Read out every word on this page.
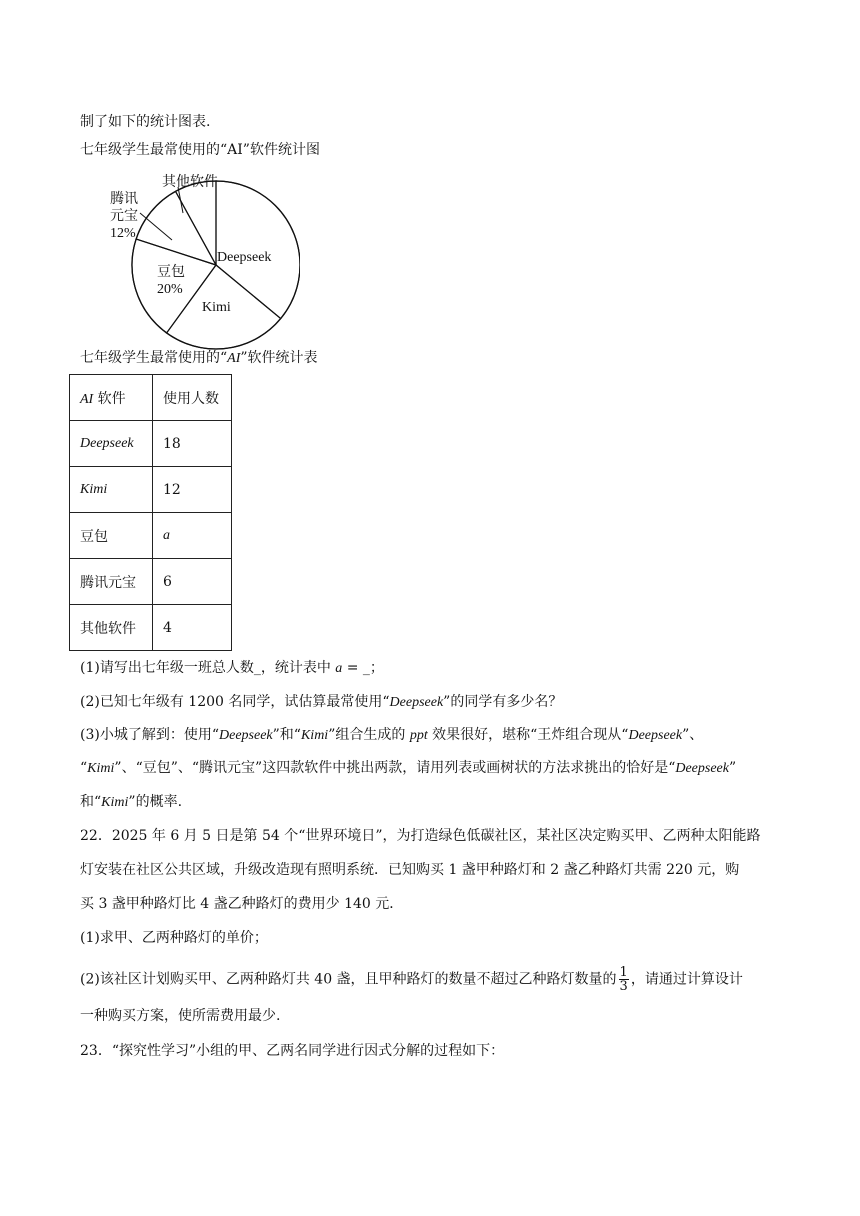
制了如下的统计图表.
七年级学生最常使用的“AI”软件统计图
其他软件
腾讯
元宝
12%
豆包
20%
Deepseek
Kimi
七年级学生最常使用的“AI”软件统计表
AI 软件	使用人数
Deepseek	18
Kimi	12
豆包	a
腾讯元宝	6
其他软件	4
(1)请写出七年级一班总人数_，统计表中 a = _；
(2)已知七年级有 1200 名同学，试估算最常使用“Deepseek”的同学有多少名？
(3)小城了解到：使用“Deepseek”和“Kimi”组合生成的 ppt 效果很好，堪称“王炸组合现从“Deepseek”、
“Kimi”、“豆包”、“腾讯元宝”这四款软件中挑出两款，请用列表或画树状的方法求挑出的恰好是“Deepseek”
和“Kimi”的概率.
22．2025 年 6 月 5 日是第 54 个“世界环境日”，为打造绿色低碳社区，某社区决定购买甲、乙两种太阳能路
灯安装在社区公共区域，升级改造现有照明系统．已知购买 1 盏甲种路灯和 2 盏乙种路灯共需 220 元，购
买 3 盏甲种路灯比 4 盏乙种路灯的费用少 140 元．
(1)求甲、乙两种路灯的单价；
(2)该社区计划购买甲、乙两种路灯共 40 盏，且甲种路灯的数量不超过乙种路灯数量的 $\frac{1}{3}$ ，请通过计算设计
一种购买方案，使所需费用最少.
23．“探究性学习”小组的甲、乙两名同学进行因式分解的过程如下：
